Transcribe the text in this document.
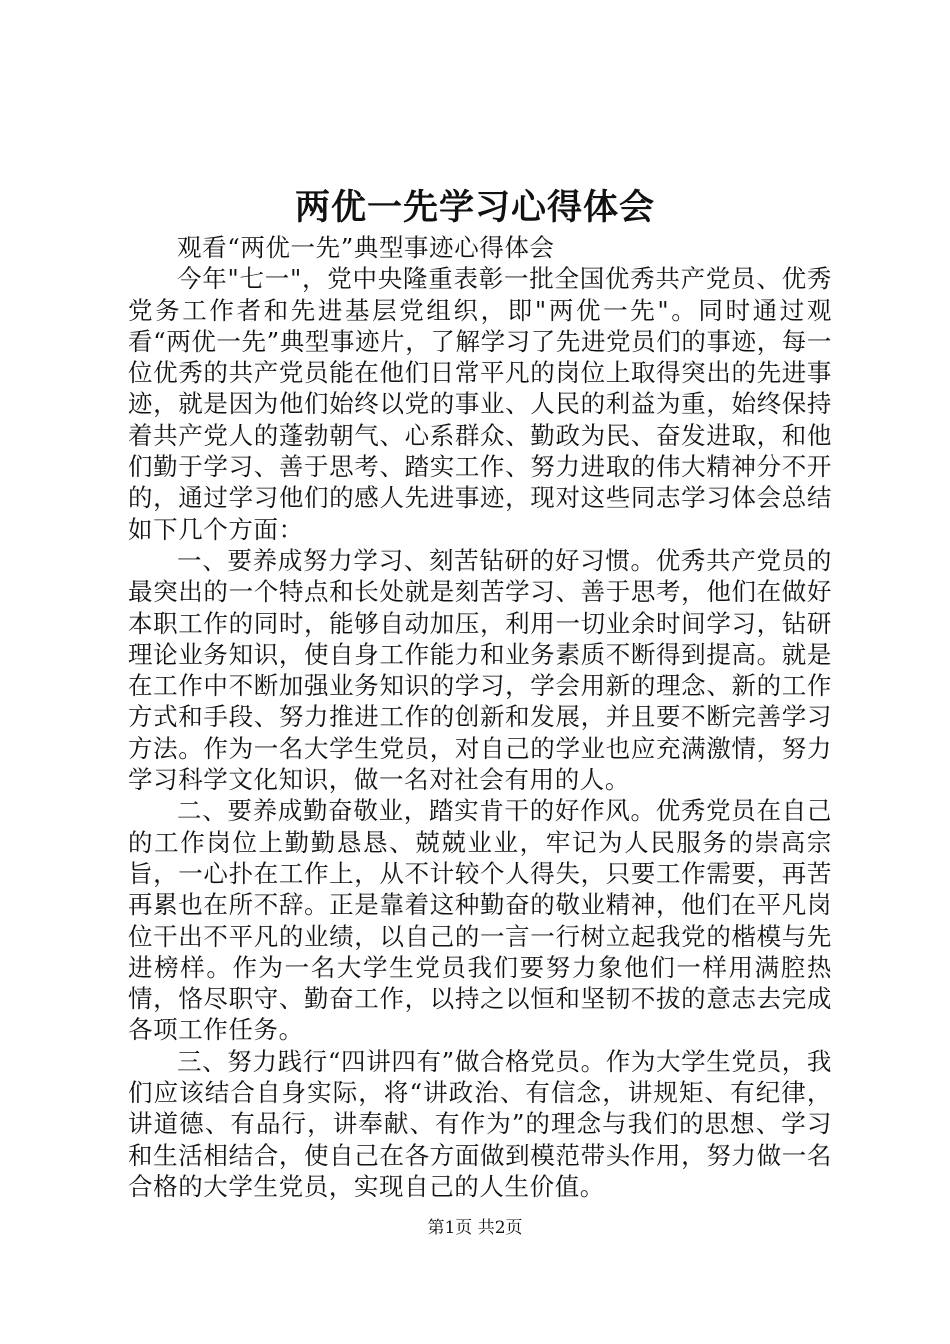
两优一先学习心得体会

观看“两优一先”典型事迹心得体会

今年"七一"，党中央隆重表彰一批全国优秀共产党员、优秀党务工作者和先进基层党组织，即"两优一先"。同时通过观看“两优一先”典型事迹片，了解学习了先进党员们的事迹，每一位优秀的共产党员能在他们日常平凡的岗位上取得突出的先进事迹，就是因为他们始终以党的事业、人民的利益为重，始终保持着共产党人的蓬勃朝气、心系群众、勤政为民、奋发进取，和他们勤于学习、善于思考、踏实工作、努力进取的伟大精神分不开的，通过学习他们的感人先进事迹，现对这些同志学习体会总结如下几个方面：

一、要养成努力学习、刻苦钻研的好习惯。优秀共产党员的最突出的一个特点和长处就是刻苦学习、善于思考，他们在做好本职工作的同时，能够自动加压，利用一切业余时间学习，钻研理论业务知识，使自身工作能力和业务素质不断得到提高。就是在工作中不断加强业务知识的学习，学会用新的理念、新的工作方式和手段、努力推进工作的创新和发展，并且要不断完善学习方法。作为一名大学生党员，对自己的学业也应充满激情，努力学习科学文化知识，做一名对社会有用的人。

二、要养成勤奋敬业，踏实肯干的好作风。优秀党员在自己的工作岗位上勤勤恳恳、兢兢业业，牢记为人民服务的崇高宗旨，一心扑在工作上，从不计较个人得失，只要工作需要，再苦再累也在所不辞。正是靠着这种勤奋的敬业精神，他们在平凡岗位干出不平凡的业绩，以自己的一言一行树立起我党的楷模与先进榜样。作为一名大学生党员我们要努力象他们一样用满腔热情，恪尽职守、勤奋工作，以持之以恒和坚韧不拔的意志去完成各项工作任务。

三、努力践行“四讲四有”做合格党员。作为大学生党员，我们应该结合自身实际，将“讲政治、有信念，讲规矩、有纪律，讲道德、有品行，讲奉献、有作为”的理念与我们的思想、学习和生活相结合，使自己在各方面做到模范带头作用，努力做一名合格的大学生党员，实现自己的人生价值。

第1页 共2页
